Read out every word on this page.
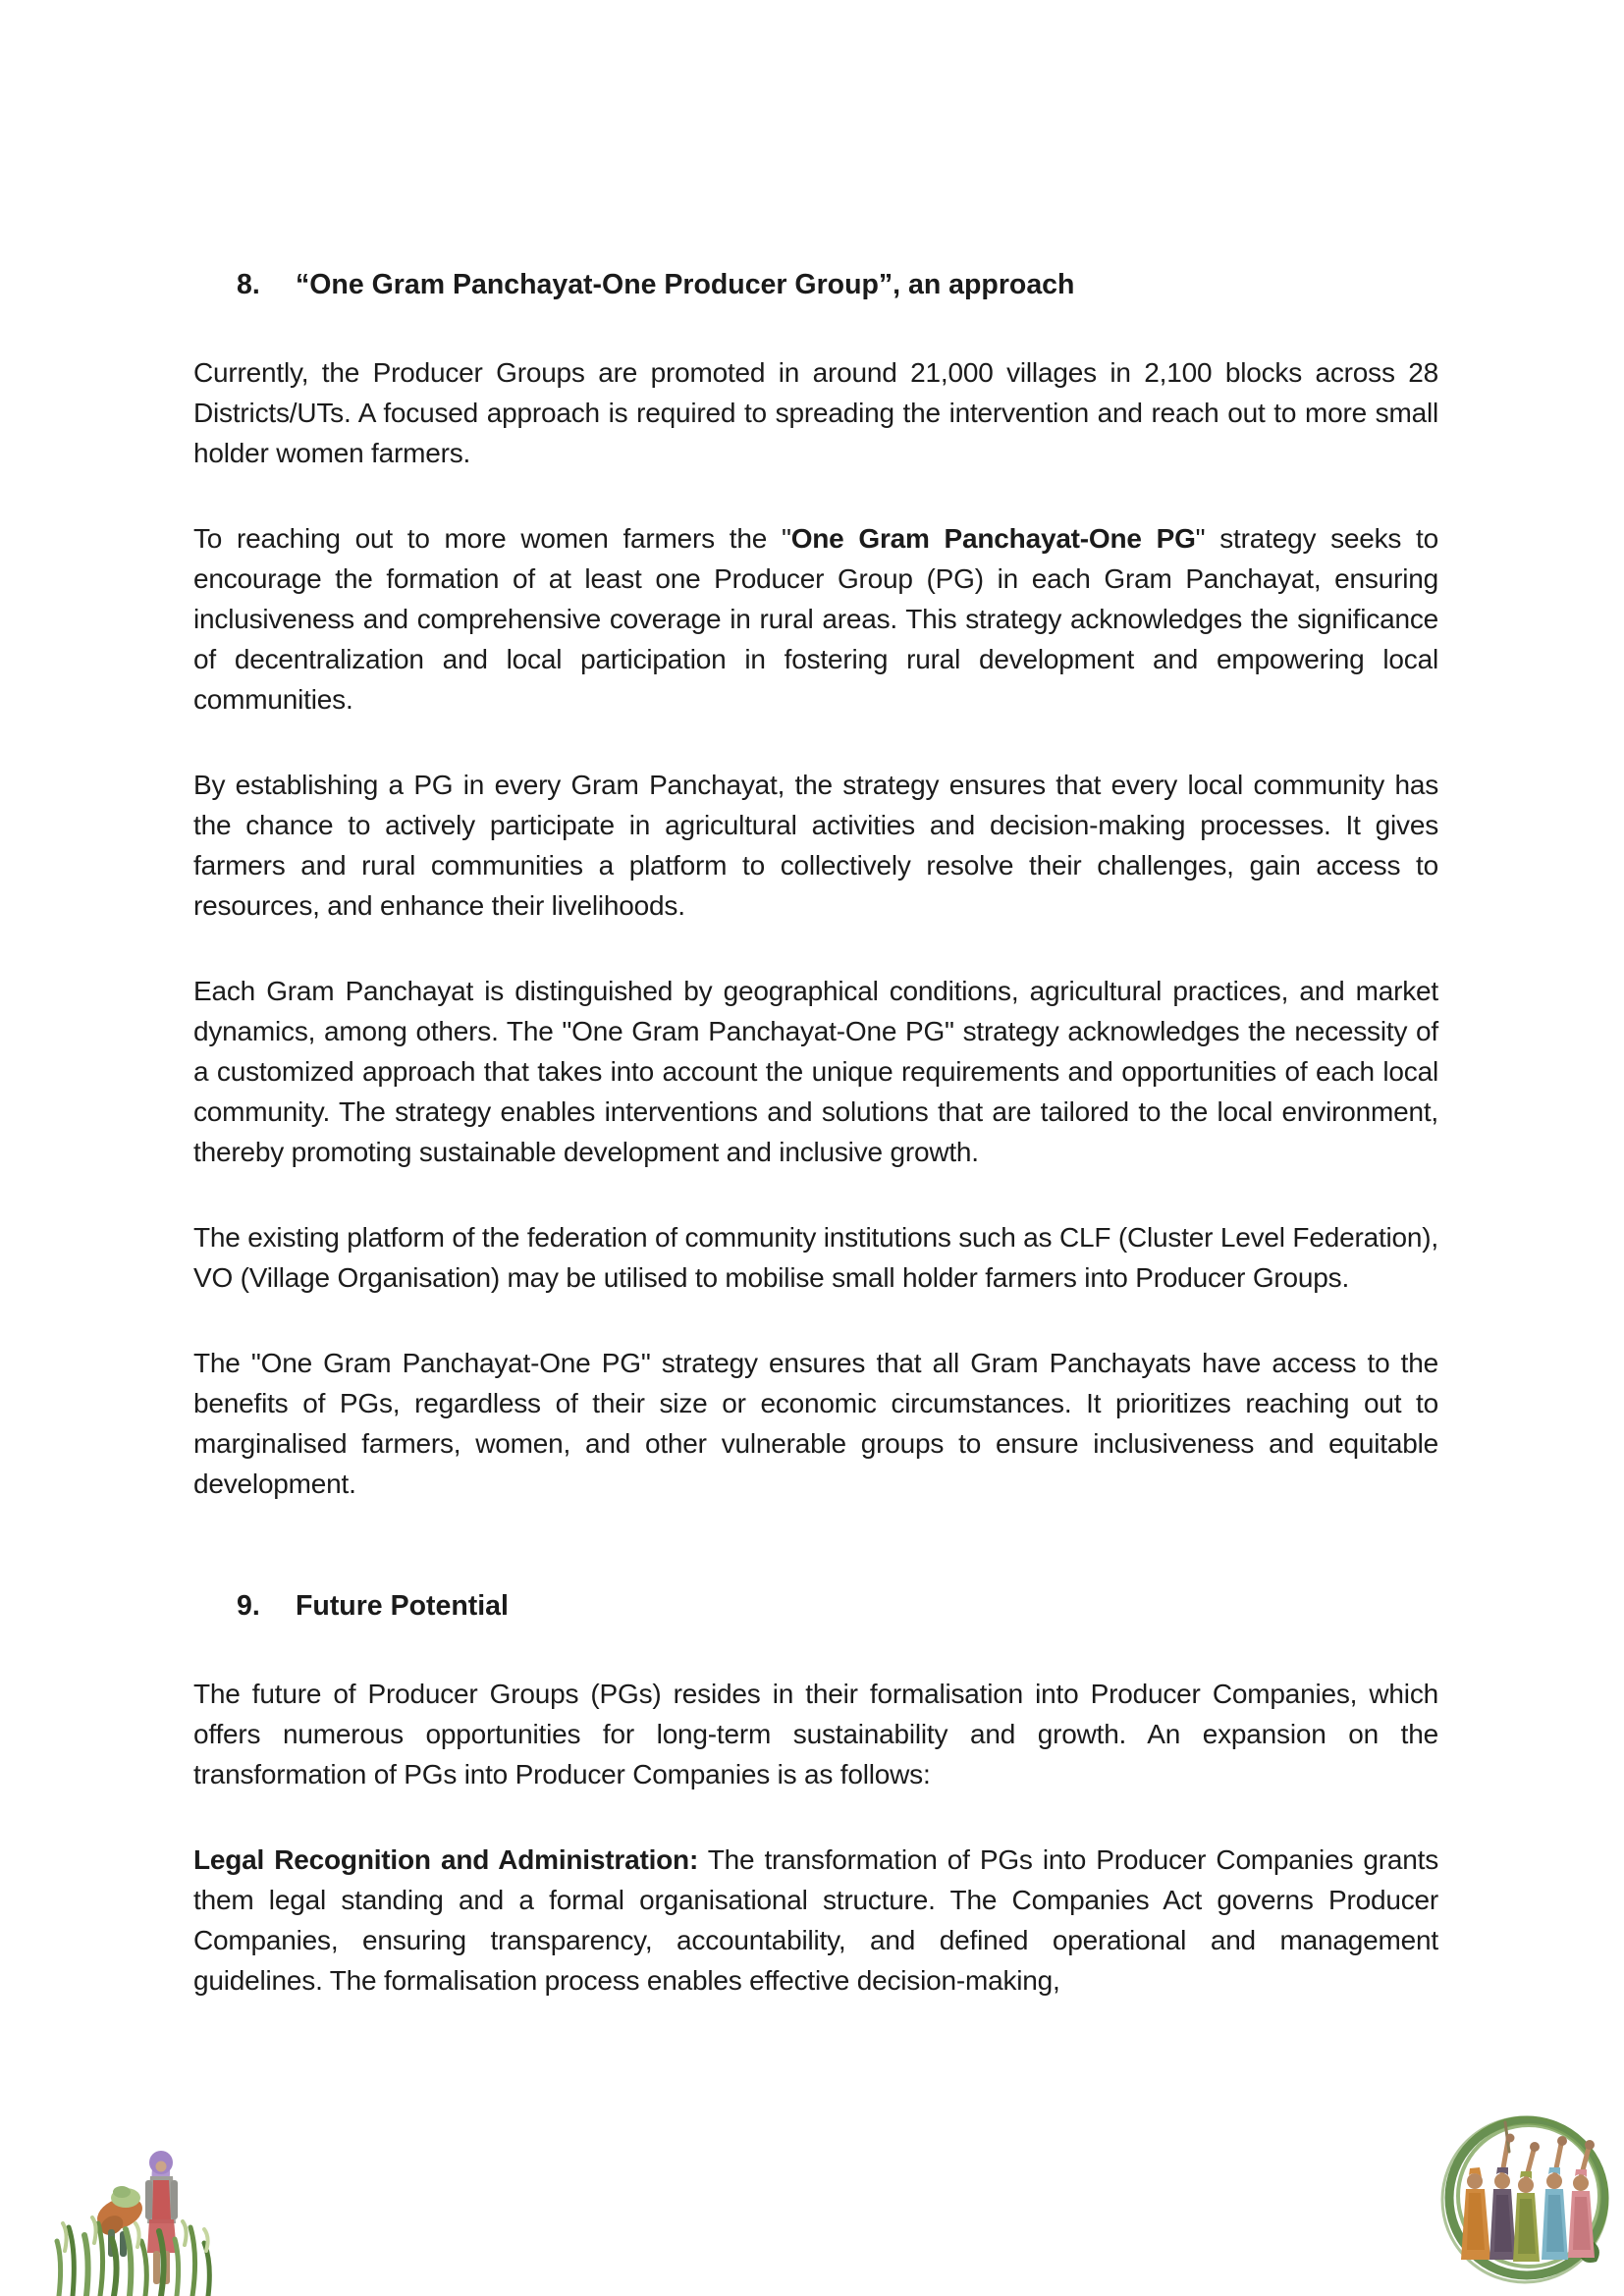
8.	“One Gram Panchayat-One Producer Group”, an approach

Currently, the Producer Groups are promoted in around 21,000 villages in 2,100 blocks across 28 Districts/UTs. A focused approach is required to spreading the intervention and reach out to more small holder women farmers.

To reaching out to more women farmers the "One Gram Panchayat-One PG" strategy seeks to encourage the formation of at least one Producer Group (PG) in each Gram Panchayat, ensuring inclusiveness and comprehensive coverage in rural areas. This strategy acknowledges the significance of decentralization and local participation in fostering rural development and empowering local communities.

By establishing a PG in every Gram Panchayat, the strategy ensures that every local community has the chance to actively participate in agricultural activities and decision-making processes. It gives farmers and rural communities a platform to collectively resolve their challenges, gain access to resources, and enhance their livelihoods.

Each Gram Panchayat is distinguished by geographical conditions, agricultural practices, and market dynamics, among others. The "One Gram Panchayat-One PG" strategy acknowledges the necessity of a customized approach that takes into account the unique requirements and opportunities of each local community. The strategy enables interventions and solutions that are tailored to the local environment, thereby promoting sustainable development and inclusive growth.

The existing platform of the federation of community institutions such as CLF (Cluster Level Federation), VO (Village Organisation) may be utilised to mobilise small holder farmers into Producer Groups.

The "One Gram Panchayat-One PG" strategy ensures that all Gram Panchayats have access to the benefits of PGs, regardless of their size or economic circumstances. It prioritizes reaching out to marginalised farmers, women, and other vulnerable groups to ensure inclusiveness and equitable development.

9.	Future Potential

The future of Producer Groups (PGs) resides in their formalisation into Producer Companies, which offers numerous opportunities for long-term sustainability and growth. An expansion on the transformation of PGs into Producer Companies is as follows:

Legal Recognition and Administration: The transformation of PGs into Producer Companies grants them legal standing and a formal organisational structure. The Companies Act governs Producer Companies, ensuring transparency, accountability, and defined operational and management guidelines. The formalisation process enables effective decision-making,
